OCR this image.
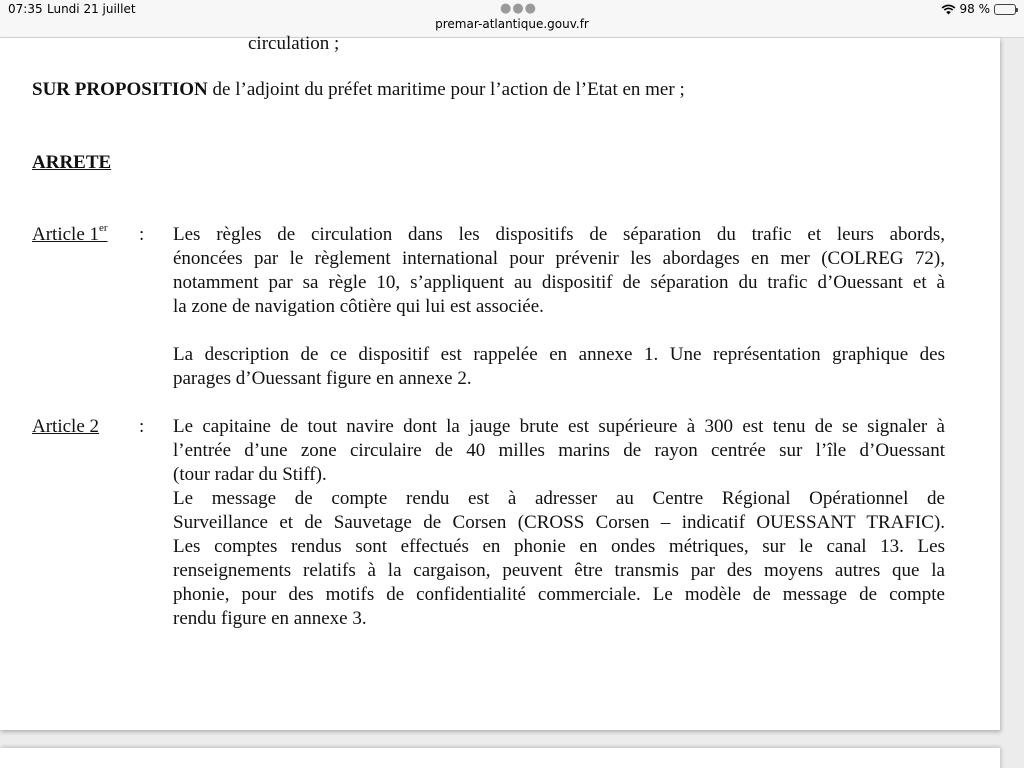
07:35 Lundi 21 juillet	●●●
premar-atlantique.gouv.fr
98 %
circulation ;
SUR PROPOSITION de l’adjoint du préfet maritime pour l’action de l’Etat en mer ;
ARRETE
Article 1er : Les règles de circulation dans les dispositifs de séparation du trafic et leurs abords,
énoncées par le règlement international pour prévenir les abordages en mer (COLREG 72),
notamment par sa règle 10, s’appliquent au dispositif de séparation du trafic d’Ouessant et à
la zone de navigation côtière qui lui est associée.
La description de ce dispositif est rappelée en annexe 1. Une représentation graphique des
parages d’Ouessant figure en annexe 2.
Article 2 : Le capitaine de tout navire dont la jauge brute est supérieure à 300 est tenu de se signaler à
l’entrée d’une zone circulaire de 40 milles marins de rayon centrée sur l’île d’Ouessant
(tour radar du Stiff).
Le message de compte rendu est à adresser au Centre Régional Opérationnel de
Surveillance et de Sauvetage de Corsen (CROSS Corsen – indicatif OUESSANT TRAFIC).
Les comptes rendus sont effectués en phonie en ondes métriques, sur le canal 13. Les
renseignements relatifs à la cargaison, peuvent être transmis par des moyens autres que la
phonie, pour des motifs de confidentialité commerciale. Le modèle de message de compte
rendu figure en annexe 3.
